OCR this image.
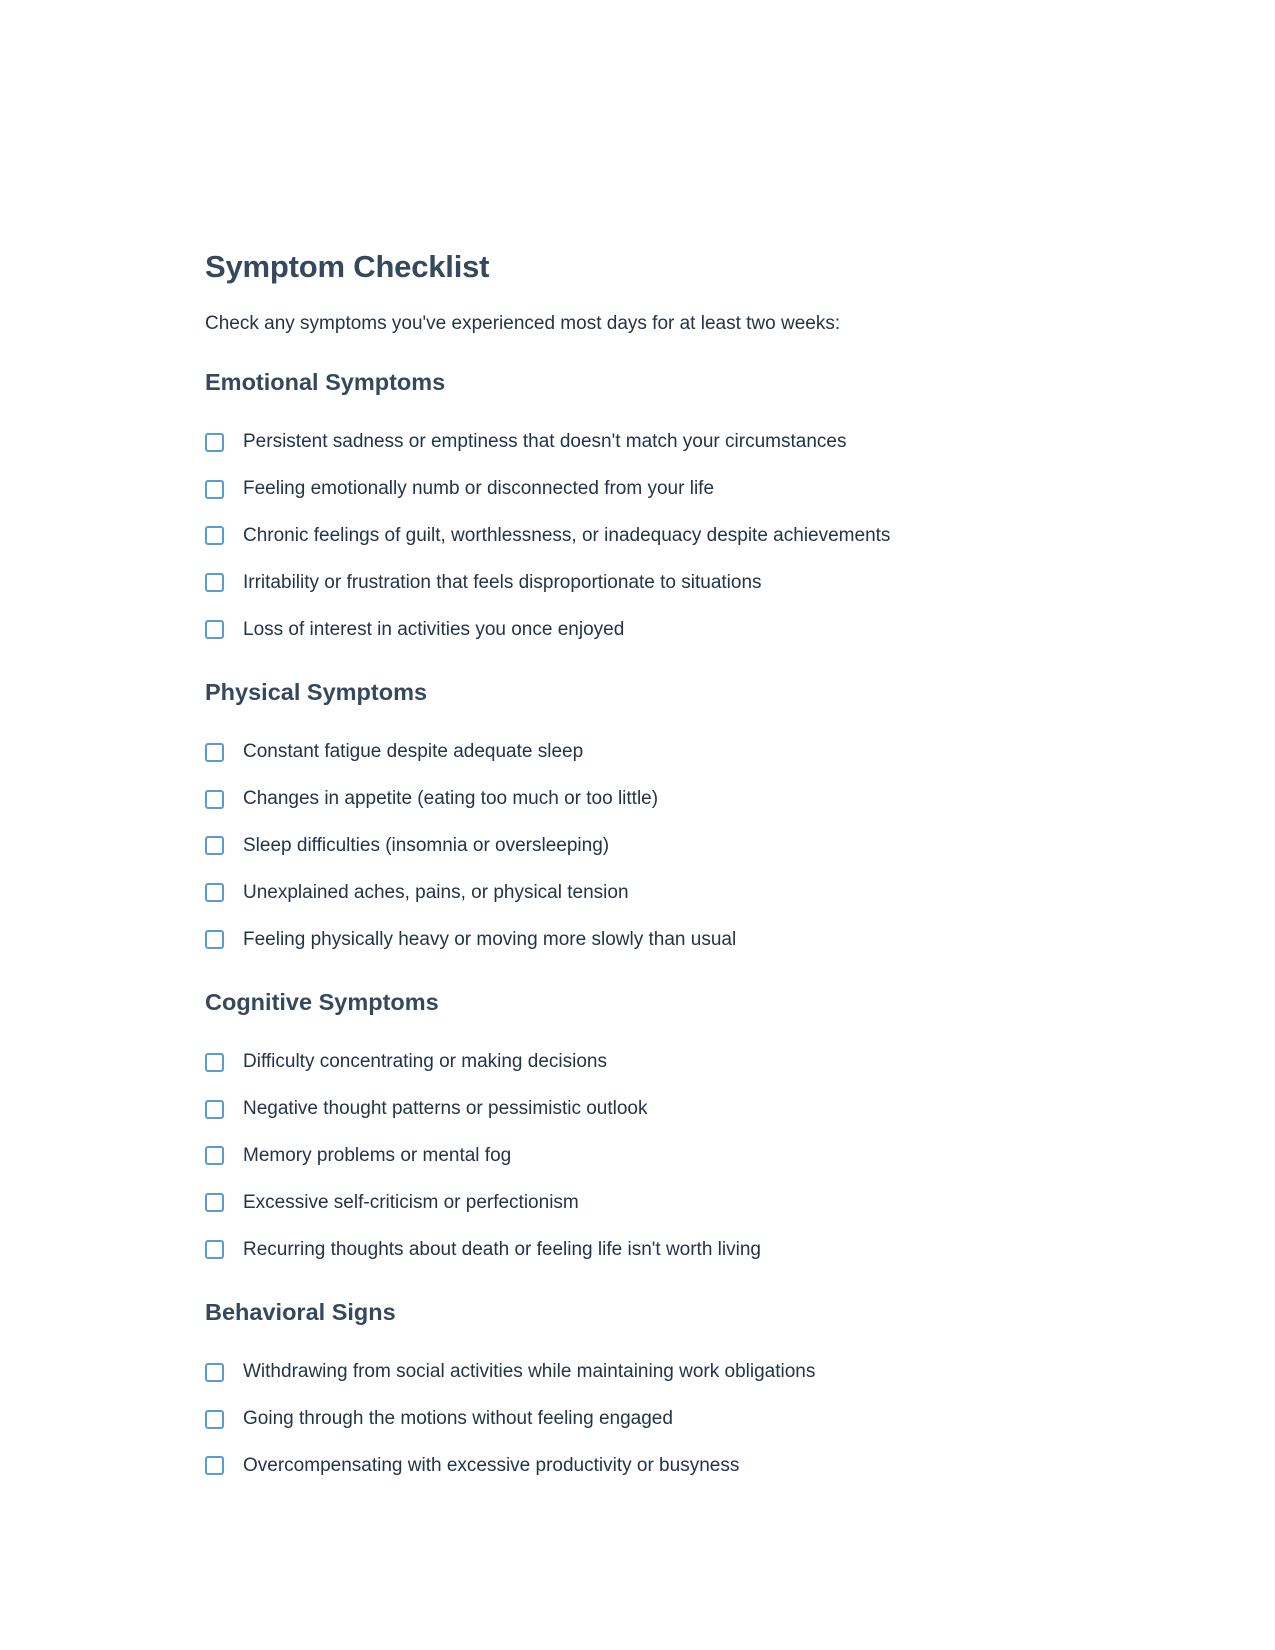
Symptom Checklist

Check any symptoms you've experienced most days for at least two weeks:

Emotional Symptoms
Persistent sadness or emptiness that doesn't match your circumstances
Feeling emotionally numb or disconnected from your life
Chronic feelings of guilt, worthlessness, or inadequacy despite achievements
Irritability or frustration that feels disproportionate to situations
Loss of interest in activities you once enjoyed
Physical Symptoms
Constant fatigue despite adequate sleep
Changes in appetite (eating too much or too little)
Sleep difficulties (insomnia or oversleeping)
Unexplained aches, pains, or physical tension
Feeling physically heavy or moving more slowly than usual
Cognitive Symptoms
Difficulty concentrating or making decisions
Negative thought patterns or pessimistic outlook
Memory problems or mental fog
Excessive self-criticism or perfectionism
Recurring thoughts about death or feeling life isn't worth living
Behavioral Signs
Withdrawing from social activities while maintaining work obligations
Going through the motions without feeling engaged
Overcompensating with excessive productivity or busyness
